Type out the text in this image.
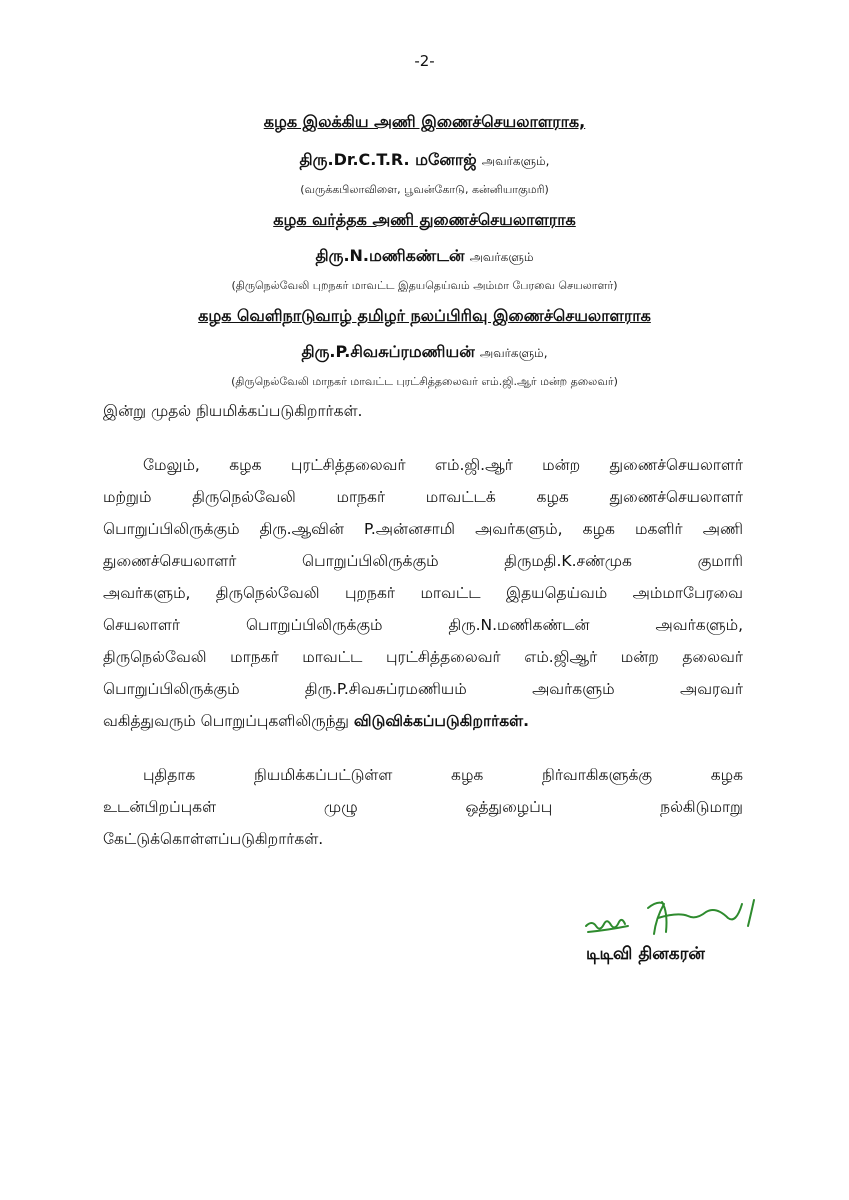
-2-
கழக இலக்கிய அணி இணைச்செயலாளராக,
திரு.Dr.C.T.R. மனோஜ் அவர்களும்,
(வருக்கபிலாவிளை, பூவன்கோடு, கன்னியாகுமரி)
கழக வர்த்தக அணி துணைச்செயலாளராக
திரு.N.மணிகண்டன் அவர்களும்
(திருநெல்வேலி புறநகர் மாவட்ட இதயதெய்வம் அம்மா பேரவை செயலாளர்)
கழக வெளிநாடுவாழ் தமிழர் நலப்பிரிவு இணைச்செயலாளராக
திரு.P.சிவசுப்ரமணியன் அவர்களும்,
(திருநெல்வேலி மாநகர் மாவட்ட புரட்சித்தலைவர் எம்.ஜி.ஆர் மன்ற தலைவர்)
இன்று முதல் நியமிக்கப்படுகிறார்கள்.
மேலும், கழக புரட்சித்தலைவர் எம்.ஜி.ஆர் மன்ற துணைச்செயலாளர்
மற்றும் திருநெல்வேலி மாநகர் மாவட்டக் கழக துணைச்செயலாளர்
பொறுப்பிலிருக்கும் திரு.ஆவின் P.அன்னசாமி அவர்களும், கழக மகளிர் அணி
துணைச்செயலாளர் பொறுப்பிலிருக்கும் திருமதி.K.சண்முக குமாரி
அவர்களும், திருநெல்வேலி புறநகர் மாவட்ட இதயதெய்வம் அம்மாபேரவை
செயலாளர் பொறுப்பிலிருக்கும் திரு.N.மணிகண்டன் அவர்களும்,
திருநெல்வேலி மாநகர் மாவட்ட புரட்சித்தலைவர் எம்.ஜிஆர் மன்ற தலைவர்
பொறுப்பிலிருக்கும் திரு.P.சிவசுப்ரமணியம் அவர்களும் அவரவர்
வகித்துவரும் பொறுப்புகளிலிருந்து விடுவிக்கப்படுகிறார்கள்.
புதிதாக நியமிக்கப்பட்டுள்ள கழக நிர்வாகிகளுக்கு கழக
உடன்பிறப்புகள் முழு ஒத்துழைப்பு நல்கிடுமாறு
கேட்டுக்கொள்ளப்படுகிறார்கள்.
டிடிவி தினகரன்
